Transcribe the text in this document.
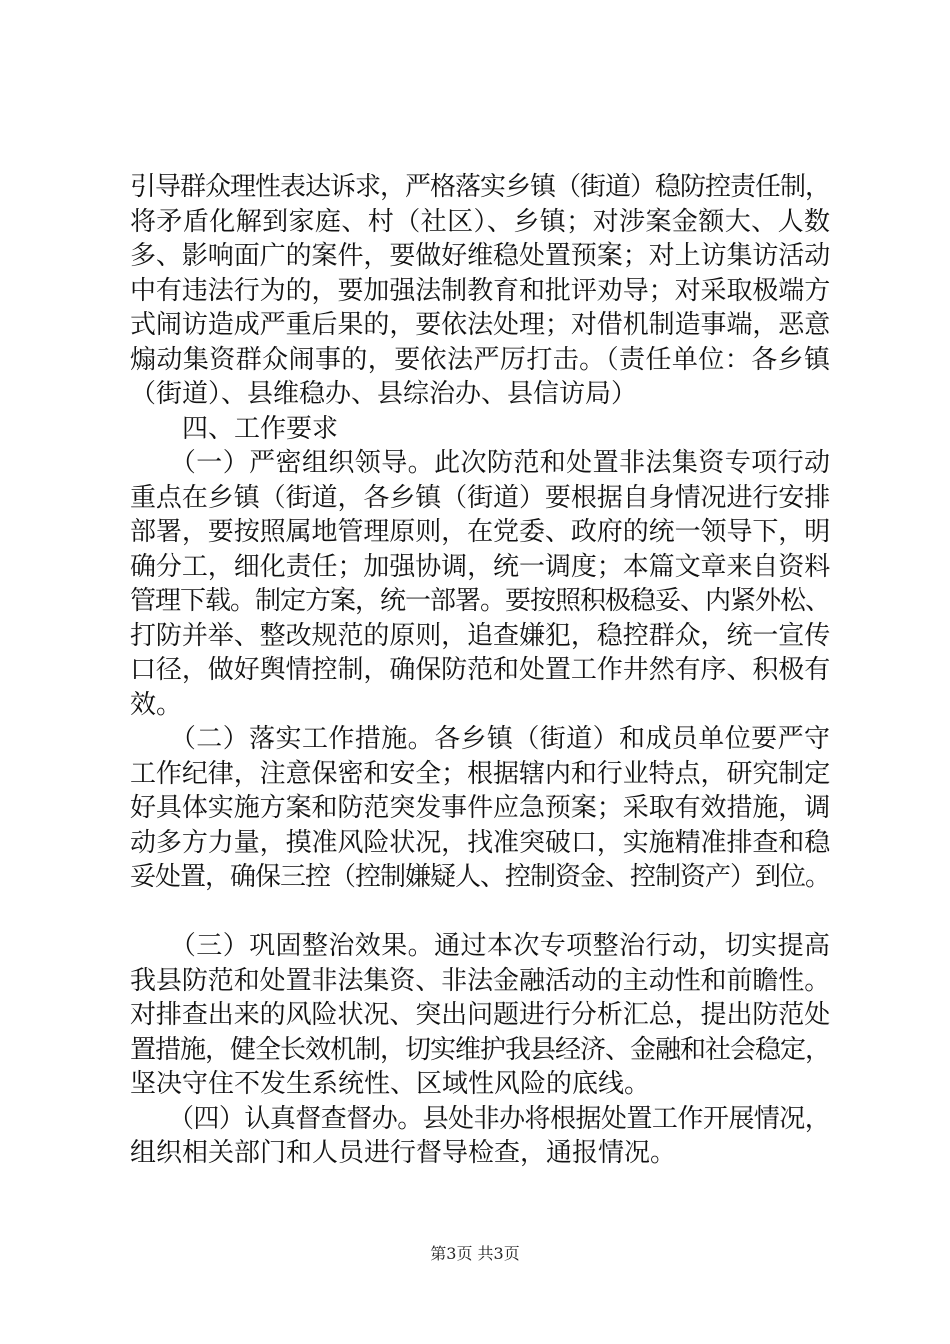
引导群众理性表达诉求，严格落实乡镇（街道）稳防控责任制，
将矛盾化解到家庭、村（社区）、乡镇；对涉案金额大、人数
多、影响面广的案件，要做好维稳处置预案；对上访集访活动
中有违法行为的，要加强法制教育和批评劝导；对采取极端方
式闹访造成严重后果的，要依法处理；对借机制造事端，恶意
煽动集资群众闹事的，要依法严厉打击。（责任单位：各乡镇
（街道）、县维稳办、县综治办、县信访局）
　　四、工作要求
　　（一）严密组织领导。此次防范和处置非法集资专项行动
重点在乡镇（街道，各乡镇（街道）要根据自身情况进行安排
部署，要按照属地管理原则，在党委、政府的统一领导下，明
确分工，细化责任；加强协调，统一调度；本篇文章来自资料
管理下载。制定方案，统一部署。要按照积极稳妥、内紧外松、
打防并举、整改规范的原则，追查嫌犯，稳控群众，统一宣传
口径，做好舆情控制，确保防范和处置工作井然有序、积极有
效。
　　（二）落实工作措施。各乡镇（街道）和成员单位要严守
工作纪律，注意保密和安全；根据辖内和行业特点，研究制定
好具体实施方案和防范突发事件应急预案；采取有效措施，调
动多方力量，摸准风险状况，找准突破口，实施精准排查和稳
妥处置，确保三控（控制嫌疑人、控制资金、控制资产）到位。
　　（三）巩固整治效果。通过本次专项整治行动，切实提高
我县防范和处置非法集资、非法金融活动的主动性和前瞻性。
对排查出来的风险状况、突出问题进行分析汇总，提出防范处
置措施，健全长效机制，切实维护我县经济、金融和社会稳定，
坚决守住不发生系统性、区域性风险的底线。
　　（四）认真督查督办。县处非办将根据处置工作开展情况，
组织相关部门和人员进行督导检查，通报情况。
第3页 共3页
